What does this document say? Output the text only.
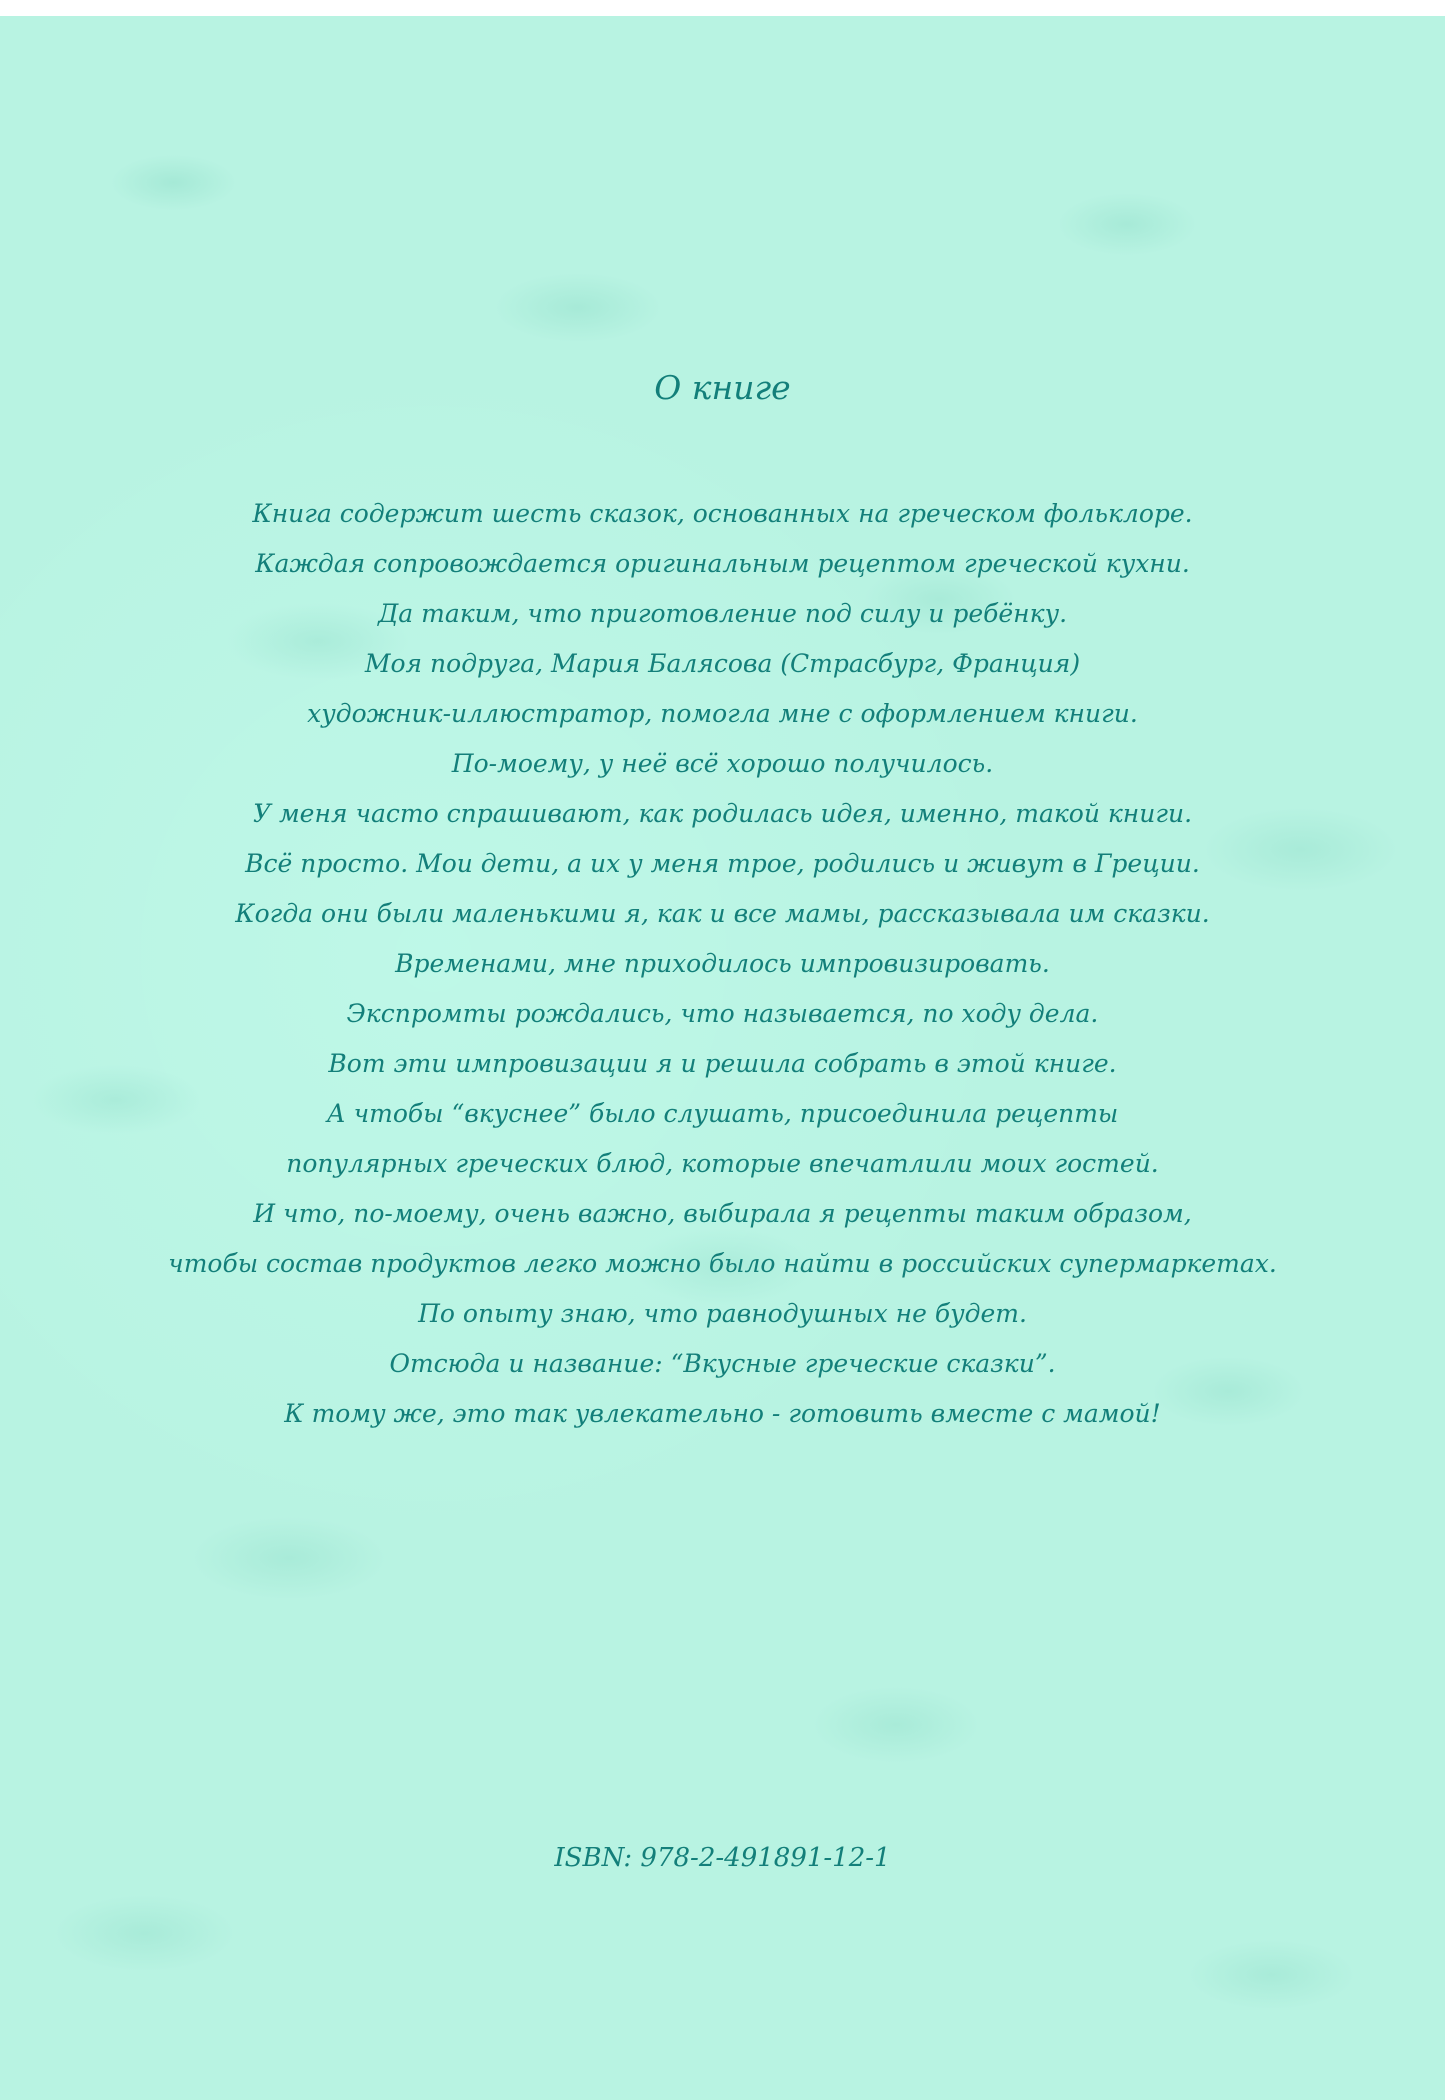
О книге
Книга содержит шесть сказок, основанных на греческом фольклоре.
Каждая сопровождается оригинальным рецептом греческой кухни.
Да таким, что приготовление под силу и ребёнку.
Моя подруга, Мария Балясова (Страсбург, Франция)
художник-иллюстратор, помогла мне с оформлением книги.
По-моему, у неё всё хорошо получилось.
У меня часто спрашивают, как родилась идея, именно, такой книги.
Всё просто. Мои дети, а их у меня трое, родились и живут в Греции.
Когда они были маленькими я, как и все мамы, рассказывала им сказки.
Временами, мне приходилось импровизировать.
Экспромты рождались, что называется, по ходу дела.
Вот эти импровизации я и решила собрать в этой книге.
А чтобы “вкуснее” было слушать, присоединила рецепты
популярных греческих блюд, которые впечатлили моих гостей.
И что, по-моему, очень важно, выбирала я рецепты таким образом,
чтобы состав продуктов легко можно было найти в российских супермаркетах.
По опыту знаю, что равнодушных не будет.
Отсюда и название: “Вкусные греческие сказки”.
К тому же, это так увлекательно - готовить вместе с мамой!
ISBN: 978-2-491891-12-1
